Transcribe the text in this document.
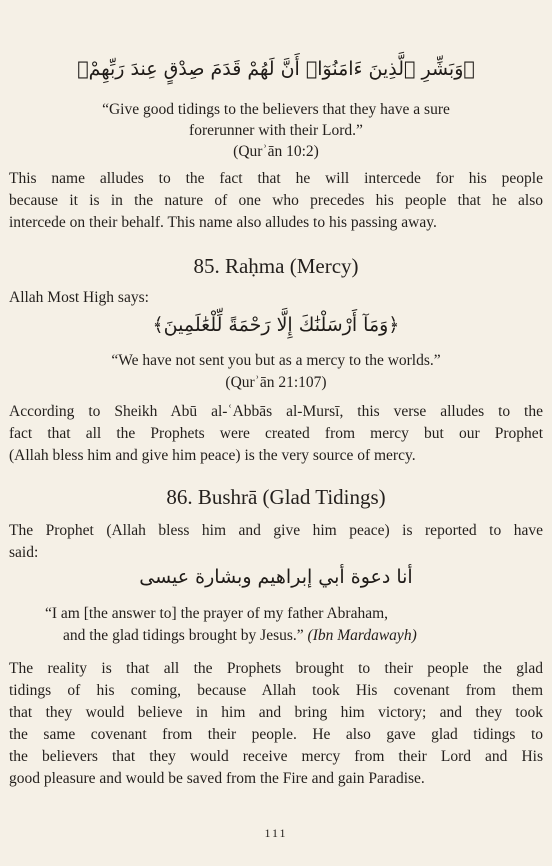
﴿وَبَشِّرِ ٱلَّذِينَ ءَامَنُوٓا۟ أَنَّ لَهُمْ قَدَمَ صِدْقٍ عِندَ رَبِّهِمْ﴾
“Give good tidings to the believers that they have a sure
forerunner with their Lord.”
(Qurʾān 10:2)
This name alludes to the fact that he will intercede for his people
because it is in the nature of one who precedes his people that he also
intercede on their behalf. This name also alludes to his passing away.
85. Raḥma (Mercy)
Allah Most High says:
﴿وَمَآ أَرْسَلْنَٰكَ إِلَّا رَحْمَةً لِّلْعَٰلَمِينَ﴾
“We have not sent you but as a mercy to the worlds.”
(Qurʾān 21:107)
According to Sheikh Abū al-ʿAbbās al-Mursī, this verse alludes to the
fact that all the Prophets were created from mercy but our Prophet
(Allah bless him and give him peace) is the very source of mercy.
86. Bushrā (Glad Tidings)
The Prophet (Allah bless him and give him peace) is reported to have
said:
أنا دعوة أبي إبراهيم وبشارة عيسى
“I am [the answer to] the prayer of my father Abraham,
and the glad tidings brought by Jesus.” (Ibn Mardawayh)
The reality is that all the Prophets brought to their people the glad
tidings of his coming, because Allah took His covenant from them
that they would believe in him and bring him victory; and they took
the same covenant from their people. He also gave glad tidings to
the believers that they would receive mercy from their Lord and His
good pleasure and would be saved from the Fire and gain Paradise.
111
